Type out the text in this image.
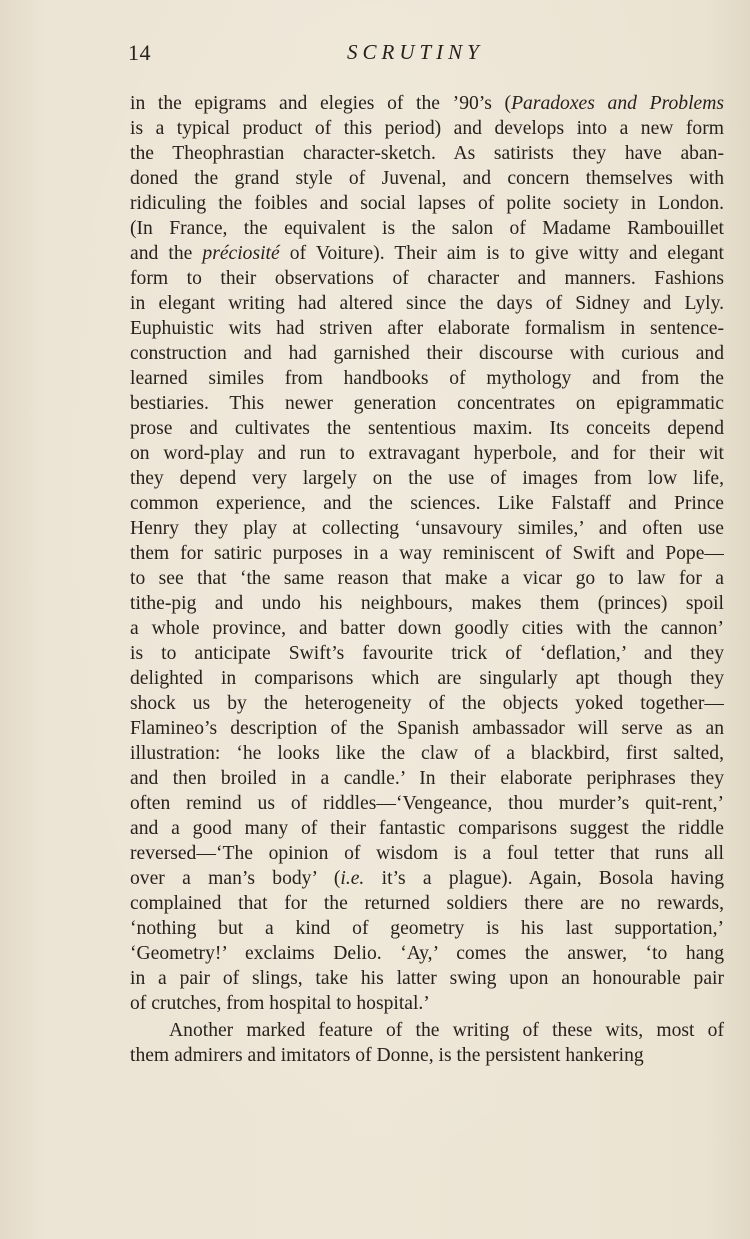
14	SCRUTINY
in the epigrams and elegies of the ’90’s (Paradoxes and Problems
is a typical product of this period) and develops into a new form
the Theophrastian character-sketch. As satirists they have aban-
doned the grand style of Juvenal, and concern themselves with
ridiculing the foibles and social lapses of polite society in London.
(In France, the equivalent is the salon of Madame Rambouillet
and the préciosité of Voiture). Their aim is to give witty and elegant
form to their observations of character and manners. Fashions
in elegant writing had altered since the days of Sidney and Lyly.
Euphuistic wits had striven after elaborate formalism in sentence-
construction and had garnished their discourse with curious and
learned similes from handbooks of mythology and from the
bestiaries. This newer generation concentrates on epigrammatic
prose and cultivates the sententious maxim. Its conceits depend
on word-play and run to extravagant hyperbole, and for their wit
they depend very largely on the use of images from low life,
common experience, and the sciences. Like Falstaff and Prince
Henry they play at collecting ‘unsavoury similes,’ and often use
them for satiric purposes in a way reminiscent of Swift and Pope—
to see that ‘the same reason that make a vicar go to law for a
tithe-pig and undo his neighbours, makes them (princes) spoil
a whole province, and batter down goodly cities with the cannon’
is to anticipate Swift’s favourite trick of ‘deflation,’ and they
delighted in comparisons which are singularly apt though they
shock us by the heterogeneity of the objects yoked together—
Flamineo’s description of the Spanish ambassador will serve as an
illustration: ‘he looks like the claw of a blackbird, first salted,
and then broiled in a candle.’ In their elaborate periphrases they
often remind us of riddles—‘Vengeance, thou murder’s quit-rent,’
and a good many of their fantastic comparisons suggest the riddle
reversed—‘The opinion of wisdom is a foul tetter that runs all
over a man’s body’ (i.e. it’s a plague). Again, Bosola having
complained that for the returned soldiers there are no rewards,
‘nothing but a kind of geometry is his last supportation,’
‘Geometry!’ exclaims Delio. ‘Ay,’ comes the answer, ‘to hang
in a pair of slings, take his latter swing upon an honourable pair
of crutches, from hospital to hospital.’
Another marked feature of the writing of these wits, most of
them admirers and imitators of Donne, is the persistent hankering
